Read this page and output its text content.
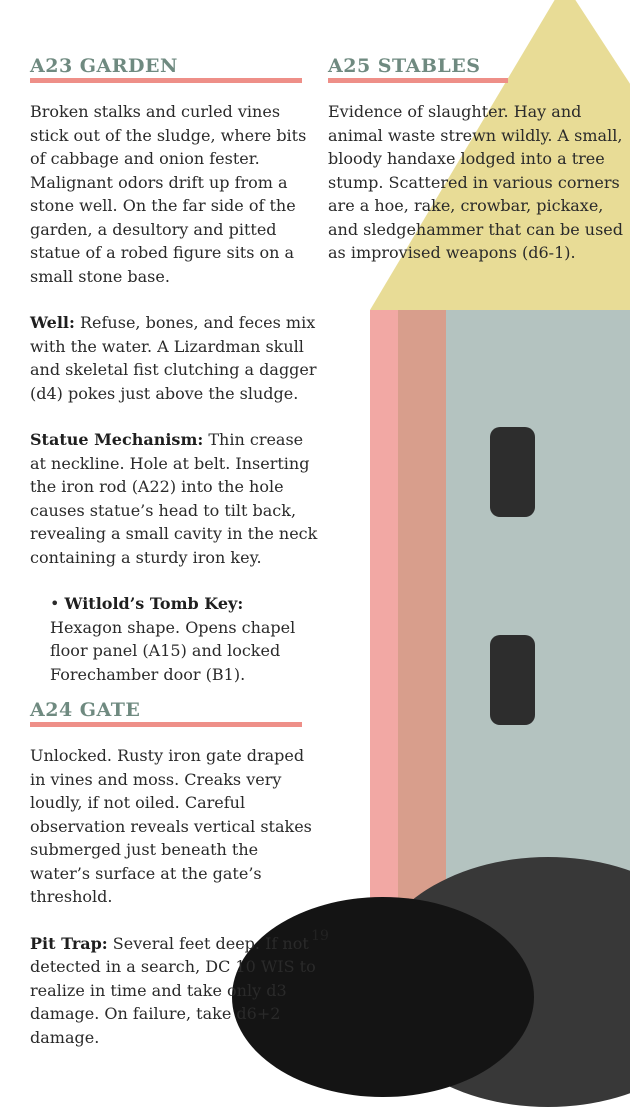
19
A23 GARDEN

Broken stalks and curled vines stick out of the sludge, where bits of cabbage and onion fester. Malignant odors drift up from a stone well. On the far side of the garden, a desultory and pitted statue of a robed figure sits on a small stone base.

Well: Refuse, bones, and feces mix with the water. A Lizardman skull and skeletal fist clutching a dagger (d4) pokes just above the sludge.

Statue Mechanism: Thin crease at neckline. Hole at belt. Inserting the iron rod (A22) into the hole causes statue’s head to tilt back, revealing a small cavity in the neck containing a sturdy iron key.

• Witlold’s Tomb Key: Hexagon shape. Opens chapel floor panel (A15) and locked Forechamber door (B1).

A24 GATE

Unlocked. Rusty iron gate draped in vines and moss. Creaks very loudly, if not oiled. Careful observation reveals vertical stakes submerged just beneath the water’s surface at the gate’s threshold.

Pit Trap: Several feet deep. If not detected in a search, DC 10 WIS to realize in time and take only d3 damage. On failure, take d6+2 damage.

A25 STABLES

Evidence of slaughter. Hay and animal waste strewn wildly. A small, bloody handaxe lodged into a tree stump. Scattered in various corners are a hoe, rake, crowbar, pickaxe, and sledgehammer that can be used as improvised weapons (d6-1).
